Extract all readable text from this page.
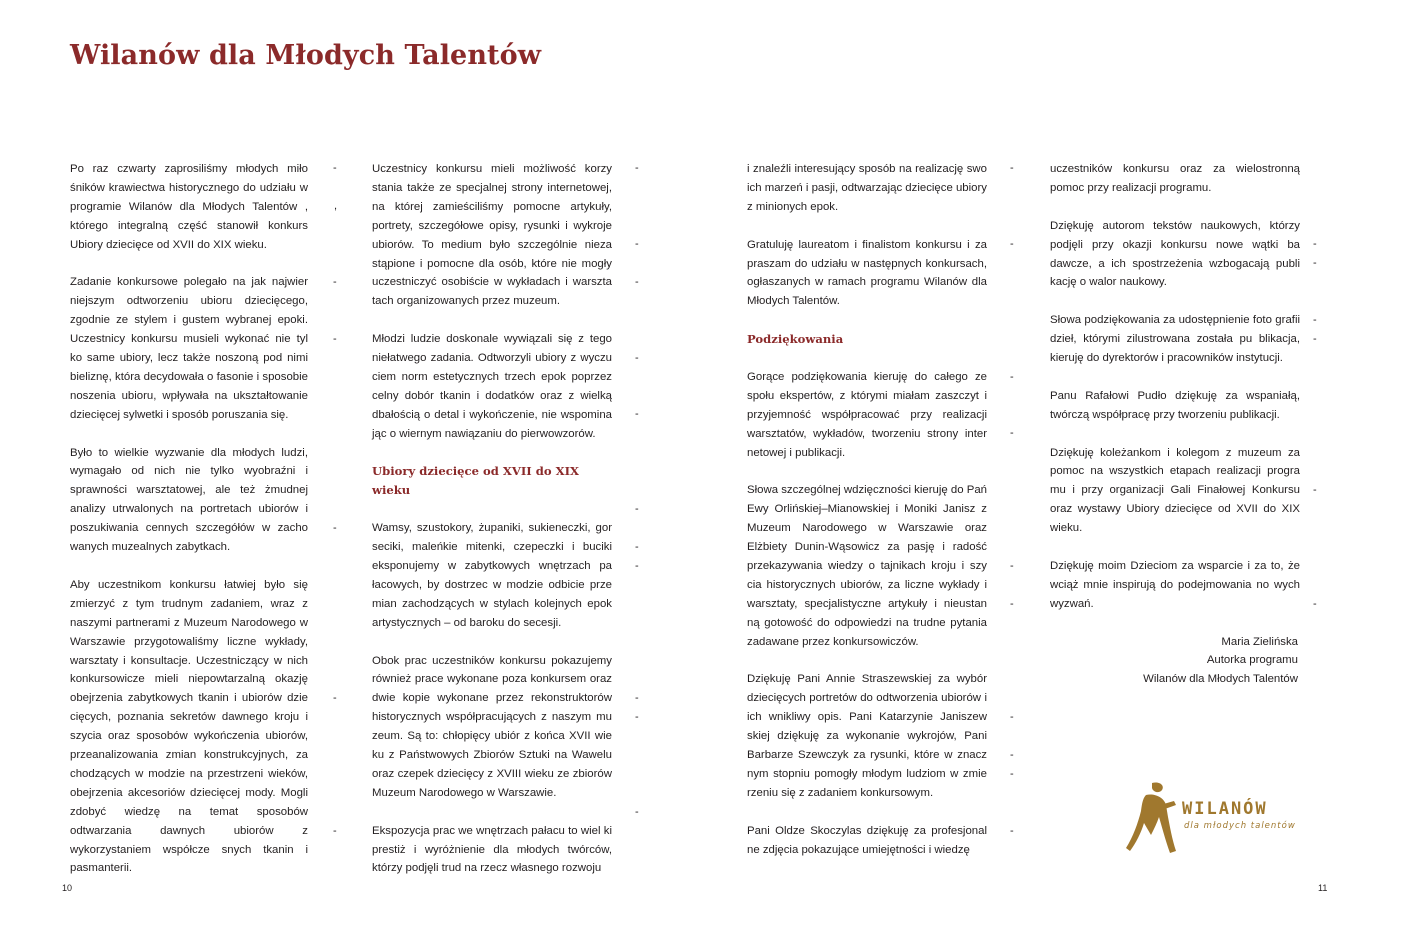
Wilanów dla Młodych Talentów

Po raz czwarty zaprosiliśmy młodych miło śników krawiectwa historycznego do udziału w programie Wilanów dla Młodych Talentów , którego integralną część stanowił konkurs Ubiory dziecięce od XVII do XIX wieku.

Zadanie konkursowe polegało na jak najwier niejszym odtworzeniu ubioru dziecięcego, zgodnie ze stylem i gustem wybranej epoki. Uczestnicy konkursu musieli wykonać nie tyl ko same ubiory, lecz także noszoną pod nimi bieliznę, która decydowała o fasonie i sposobie noszenia ubioru, wpływała na ukształtowanie dziecięcej sylwetki i sposób poruszania się.

Było to wielkie wyzwanie dla młodych ludzi, wymagało od nich nie tylko wyobraźni i sprawności warsztatowej, ale też żmudnej analizy utrwalonych na portretach ubiorów i poszukiwania cennych szczegółów w zacho wanych muzealnych zabytkach.

Aby uczestnikom konkursu łatwiej było się zmierzyć z tym trudnym zadaniem, wraz z naszymi partnerami z Muzeum Narodowego w Warszawie przygotowaliśmy liczne wykłady, warsztaty i konsultacje. Uczestniczący w nich konkursowicze mieli niepowtarzalną okazję obejrzenia zabytkowych tkanin i ubiorów dzie cięcych, poznania sekretów dawnego kroju i szycia oraz sposobów wykończenia ubiorów, przeanalizowania zmian konstrukcyjnych, za chodzących w modzie na przestrzeni wieków, obejrzenia akcesoriów dziecięcej mody. Mogli zdobyć wiedzę na temat sposobów odtwarzania dawnych ubiorów z wykorzystaniem współcze snych tkanin i pasmanterii.

Uczestnicy konkursu mieli możliwość korzy stania także ze specjalnej strony internetowej, na której zamieściliśmy pomocne artykuły, portrety, szczegółowe opisy, rysunki i wykroje ubiorów. To medium było szczególnie nieza stąpione i pomocne dla osób, które nie mogły uczestniczyć osobiście w wykładach i warszta tach organizowanych przez muzeum.

Młodzi ludzie doskonale wywiązali się z tego niełatwego zadania. Odtworzyli ubiory z wyczu ciem norm estetycznych trzech epok poprzez celny dobór tkanin i dodatków oraz z wielką dbałością o detal i wykończenie, nie wspomina jąc o wiernym nawiązaniu do pierwowzorów.

Ubiory dziecięce od XVII do XIX wieku

Wamsy, szustokory, żupaniki, sukieneczki, gor seciki, maleńkie mitenki, czepeczki i buciki eksponujemy w zabytkowych wnętrzach pa łacowych, by dostrzec w modzie odbicie prze mian zachodzących w stylach kolejnych epok artystycznych – od baroku do secesji.

Obok prac uczestników konkursu pokazujemy również prace wykonane poza konkursem oraz dwie kopie wykonane przez rekonstruktorów historycznych współpracujących z naszym mu zeum. Są to: chłopięcy ubiór z końca XVII wie ku z Państwowych Zbiorów Sztuki na Wawelu oraz czepek dziecięcy z XVIII wieku ze zbiorów Muzeum Narodowego w Warszawie.

Ekspozycja prac we wnętrzach pałacu to wiel ki prestiż i wyróżnienie dla młodych twórców, którzy podjęli trud na rzecz własnego rozwoju

i znaleźli interesujący sposób na realizację swo ich marzeń i pasji, odtwarzając dziecięce ubiory z minionych epok.

Gratuluję laureatom i finalistom konkursu i za praszam do udziału w następnych konkursach, ogłaszanych w ramach programu Wilanów dla Młodych Talentów.

Podziękowania

Gorące podziękowania kieruję do całego ze społu ekspertów, z którymi miałam zaszczyt i przyjemność współpracować przy realizacji warsztatów, wykładów, tworzeniu strony inter netowej i publikacji.

Słowa szczególnej wdzięczności kieruję do Pań Ewy Orlińskiej–Mianowskiej i Moniki Janisz z Muzeum Narodowego w Warszawie oraz Elżbiety Dunin-Wąsowicz za pasję i radość przekazywania wiedzy o tajnikach kroju i szy cia historycznych ubiorów, za liczne wykłady i warsztaty, specjalistyczne artykuły i nieustan ną gotowość do odpowiedzi na trudne pytania zadawane przez konkursowiczów.

Dziękuję Pani Annie Straszewskiej za wybór dziecięcych portretów do odtworzenia ubiorów i ich wnikliwy opis. Pani Katarzynie Janiszew skiej dziękuję za wykonanie wykrojów, Pani Barbarze Szewczyk za rysunki, które w znacz nym stopniu pomogły młodym ludziom w zmie rzeniu się z zadaniem konkursowym.

Pani Oldze Skoczylas dziękuję za profesjonal ne zdjęcia pokazujące umiejętności i wiedzę

uczestników konkursu oraz za wielostronną pomoc przy realizacji programu.

Dziękuję autorom tekstów naukowych, którzy podjęli przy okazji konkursu nowe wątki ba dawcze, a ich spostrzeżenia wzbogacają publi kację o walor naukowy.

Słowa podziękowania za udostępnienie foto grafii dzieł, którymi zilustrowana została pu blikacja, kieruję do dyrektorów i pracowników instytucji.

Panu Rafałowi Pudło dziękuję za wspaniałą, twórczą współpracę przy tworzeniu publikacji.

Dziękuję koleżankom i kolegom z muzeum za pomoc na wszystkich etapach realizacji progra mu i przy organizacji Gali Finałowej Konkursu oraz wystawy Ubiory dziecięce od XVII do XIX wieku.

Dziękuję moim Dzieciom za wsparcie i za to, że wciąż mnie inspirują do podejmowania no wych wyzwań.

Maria Zielińska
Autorka programu
Wilanów dla Młodych Talentów
-
,
-
-
-
-
-
-
-
-
-
-
-
-
-
-
-
-
-
-
-
-
-
-
-
-
-
-
-
-
-
-
-
-
WILANÓW
dla młodych talentów
10	11
